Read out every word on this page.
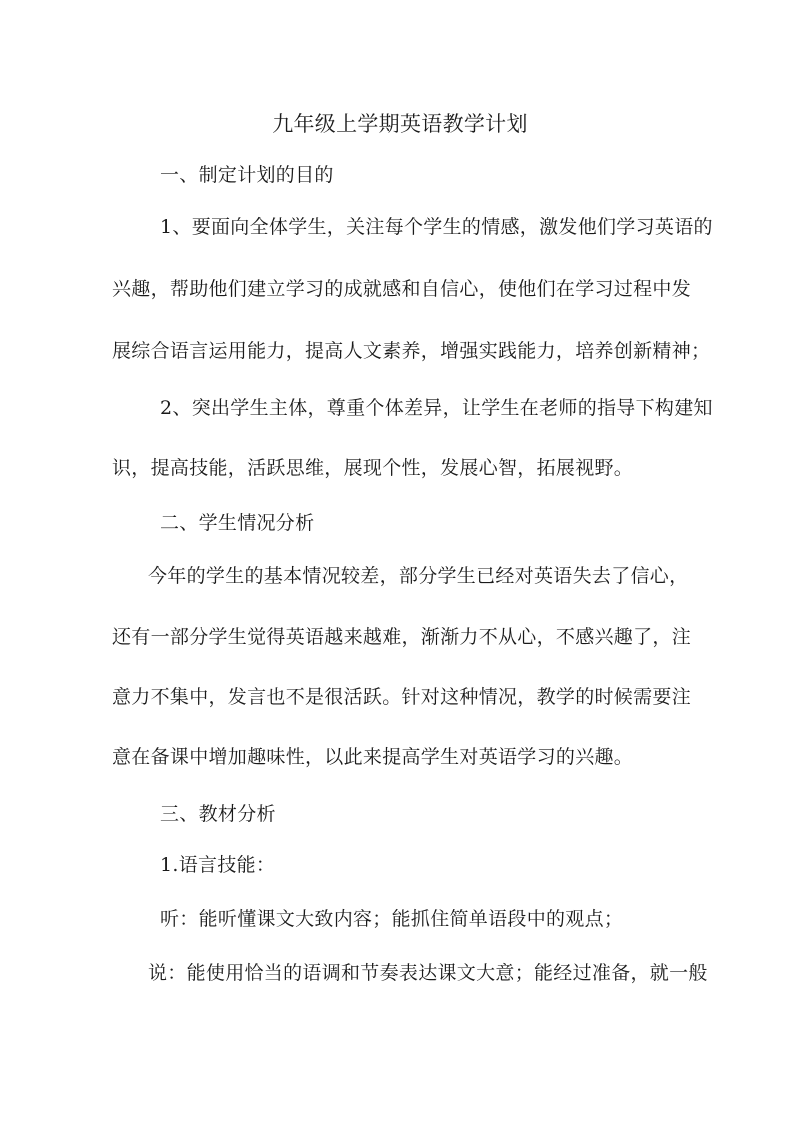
九年级上学期英语教学计划
一、制定计划的目的
1、要面向全体学生，关注每个学生的情感，激发他们学习英语的
兴趣，帮助他们建立学习的成就感和自信心，使他们在学习过程中发
展综合语言运用能力，提高人文素养，增强实践能力，培养创新精神；
2、突出学生主体，尊重个体差异，让学生在老师的指导下构建知
识，提高技能，活跃思维，展现个性，发展心智，拓展视野。
二、学生情况分析
今年的学生的基本情况较差，部分学生已经对英语失去了信心，
还有一部分学生觉得英语越来越难，渐渐力不从心，不感兴趣了，注
意力不集中，发言也不是很活跃。针对这种情况，教学的时候需要注
意在备课中增加趣味性，以此来提高学生对英语学习的兴趣。
三、教材分析
1.语言技能：
听：能听懂课文大致内容；能抓住简单语段中的观点；
说：能使用恰当的语调和节奏表达课文大意；能经过准备，就一般
